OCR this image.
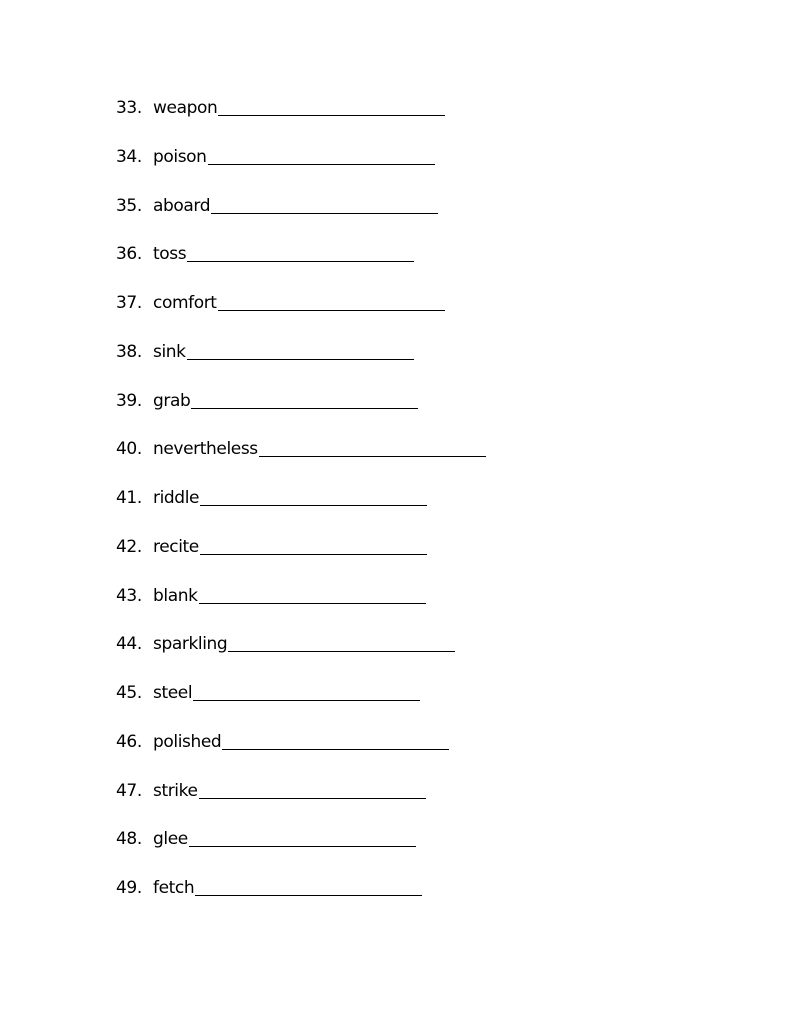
33. weapon
34. poison
35. aboard
36. toss
37. comfort
38. sink
39. grab
40. nevertheless
41. riddle
42. recite
43. blank
44. sparkling
45. steel
46. polished
47. strike
48. glee
49. fetch
